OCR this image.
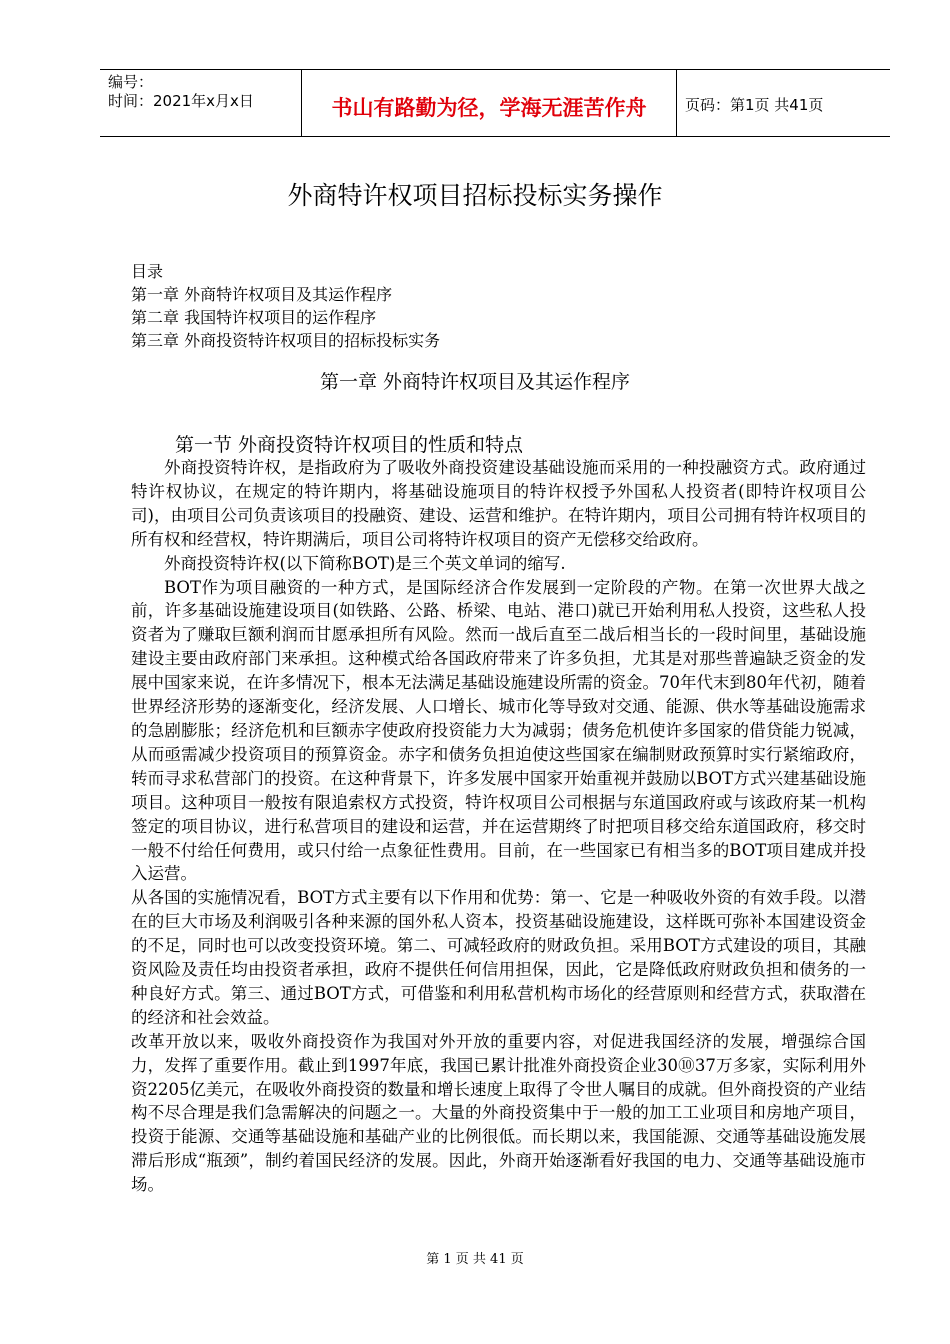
编号：
时间：2021年x月x日	书山有路勤为径，学海无涯苦作舟	页码：第1页 共41页
外商特许权项目招标投标实务操作
目录
第一章 外商特许权项目及其运作程序
第二章 我国特许权项目的运作程序
第三章 外商投资特许权项目的招标投标实务
第一章 外商特许权项目及其运作程序
第一节 外商投资特许权项目的性质和特点

外商投资特许权，是指政府为了吸收外商投资建设基础设施而采用的一种投融资方式。政府通过特许权协议，在规定的特许期内，将基础设施项目的特许权授予外国私人投资者(即特许权项目公司)，由项目公司负责该项目的投融资、建设、运营和维护。在特许期内，项目公司拥有特许权项目的所有权和经营权，特许期满后，项目公司将特许权项目的资产无偿移交给政府。

外商投资特许权(以下简称BOT)是三个英文单词的缩写.

BOT作为项目融资的一种方式，是国际经济合作发展到一定阶段的产物。在第一次世界大战之前，许多基础设施建设项目(如铁路、公路、桥梁、电站、港口)就已开始利用私人投资，这些私人投资者为了赚取巨额利润而甘愿承担所有风险。然而一战后直至二战后相当长的一段时间里，基础设施建设主要由政府部门来承担。这种模式给各国政府带来了许多负担，尤其是对那些普遍缺乏资金的发展中国家来说，在许多情况下，根本无法满足基础设施建设所需的资金。70年代末到80年代初，随着世界经济形势的逐渐变化，经济发展、人口增长、城市化等导致对交通、能源、供水等基础设施需求的急剧膨胀；经济危机和巨额赤字使政府投资能力大为减弱；债务危机使许多国家的借贷能力锐减，从而亟需减少投资项目的预算资金。赤字和债务负担迫使这些国家在编制财政预算时实行紧缩政府，转而寻求私营部门的投资。在这种背景下，许多发展中国家开始重视并鼓励以BOT方式兴建基础设施项目。这种项目一般按有限追索权方式投资，特许权项目公司根据与东道国政府或与该政府某一机构签定的项目协议，进行私营项目的建设和运营，并在运营期终了时把项目移交给东道国政府，移交时一般不付给任何费用，或只付给一点象征性费用。目前，在一些国家已有相当多的BOT项目建成并投入运营。

从各国的实施情况看，BOT方式主要有以下作用和优势：第一、它是一种吸收外资的有效手段。以潜在的巨大市场及利润吸引各种来源的国外私人资本，投资基础设施建设，这样既可弥补本国建设资金的不足，同时也可以改变投资环境。第二、可减轻政府的财政负担。采用BOT方式建设的项目，其融资风险及责任均由投资者承担，政府不提供任何信用担保，因此，它是降低政府财政负担和债务的一种良好方式。第三、通过BOT方式，可借鉴和利用私营机构市场化的经营原则和经营方式，获取潜在的经济和社会效益。

改革开放以来，吸收外商投资作为我国对外开放的重要内容，对促进我国经济的发展，增强综合国力，发挥了重要作用。截止到1997年底，我国已累计批准外商投资企业30⑩37万多家，实际利用外资2205亿美元，在吸收外商投资的数量和增长速度上取得了令世人嘱目的成就。但外商投资的产业结构不尽合理是我们急需解决的问题之一。大量的外商投资集中于一般的加工工业项目和房地产项目，投资于能源、交通等基础设施和基础产业的比例很低。而长期以来，我国能源、交通等基础设施发展滞后形成“瓶颈”，制约着国民经济的发展。因此，外商开始逐渐看好我国的电力、交通等基础设施市场。

第 1 页 共 41 页
